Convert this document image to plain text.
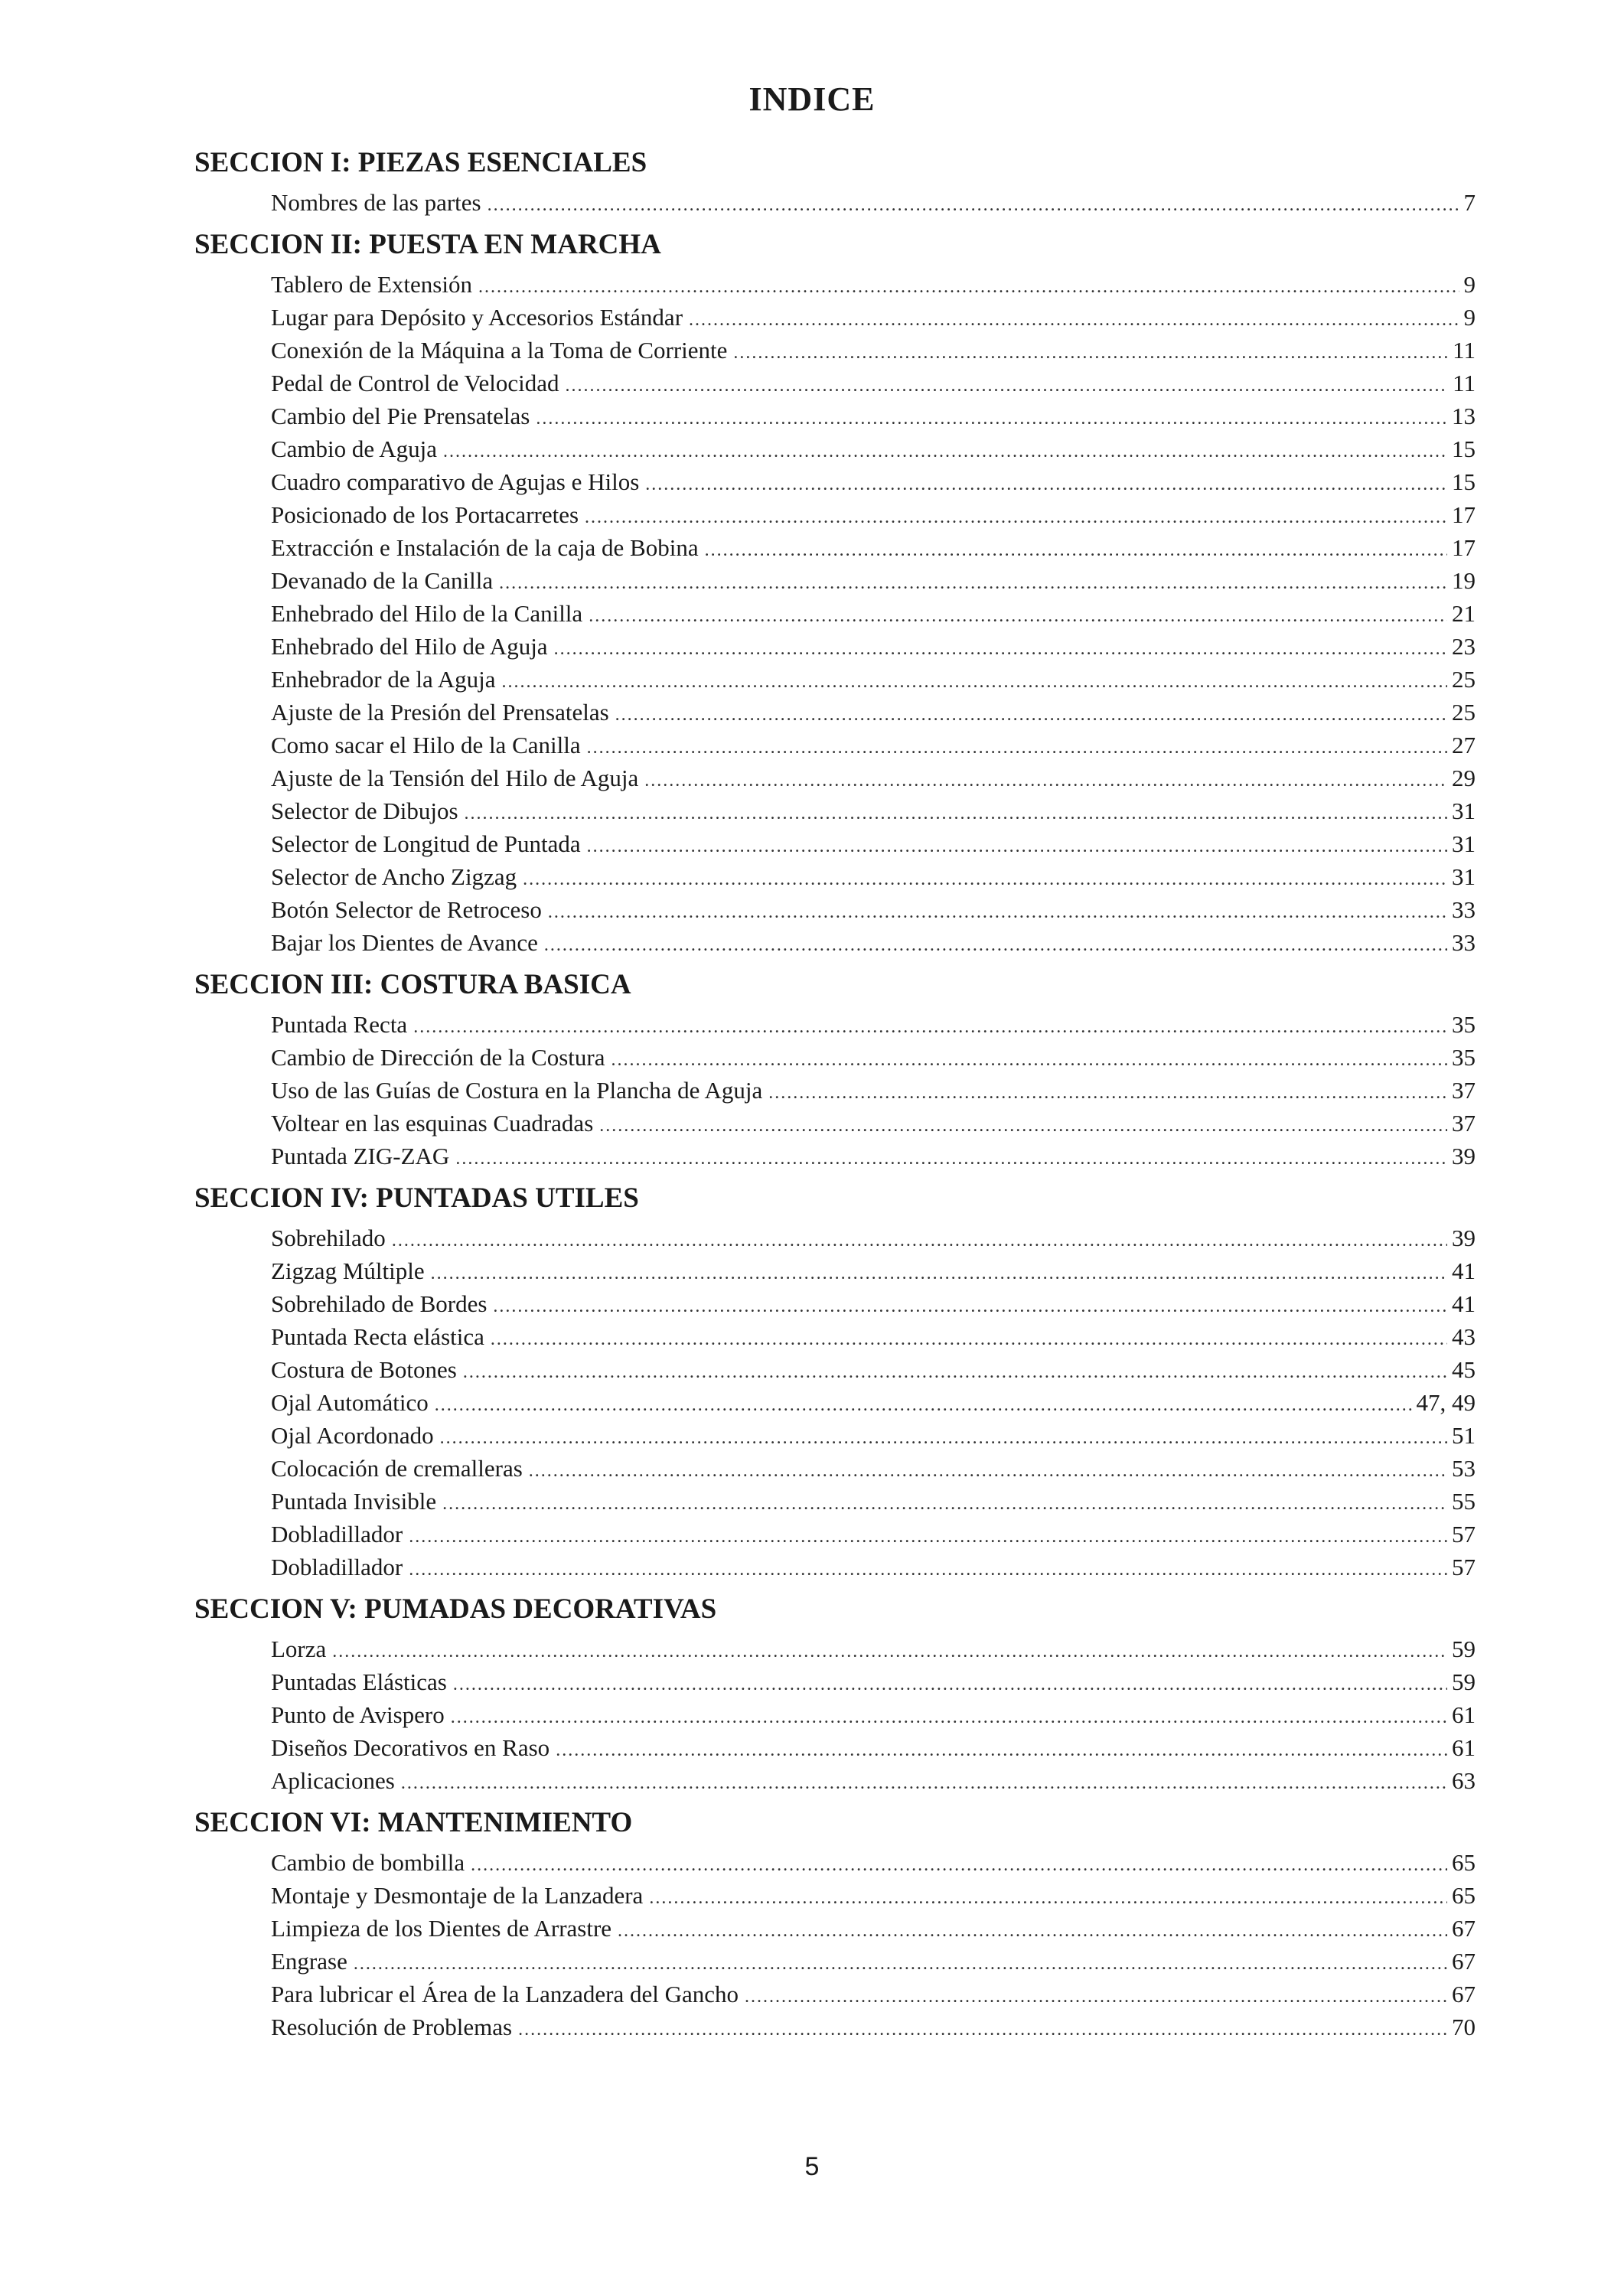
INDICE
SECCION I: PIEZAS ESENCIALES
Nombres de las partes .....	7
SECCION II: PUESTA EN MARCHA
Tablero de Extensión .....	9
Lugar para Depósito y Accesorios Estándar .....	9
Conexión de la Máquina a la Toma de Corriente .....	11
Pedal de Control de Velocidad .....	11
Cambio del Pie Prensatelas .....	13
Cambio de Aguja .....	15
Cuadro comparativo de Agujas e Hilos .....	15
Posicionado de los Portacarretes .....	17
Extracción e Instalación de la caja de Bobina .....	17
Devanado de la Canilla .....	19
Enhebrado del Hilo de la Canilla .....	21
Enhebrado del Hilo de Aguja .....	23
Enhebrador de la Aguja .....	25
Ajuste de la Presión del Prensatelas .....	25
Como sacar el Hilo de la Canilla .....	27
Ajuste de la Tensión del Hilo de Aguja .....	29
Selector de Dibujos .....	31
Selector de Longitud de Puntada .....	31
Selector de Ancho Zigzag .....	31
Botón Selector de Retroceso .....	33
Bajar los Dientes de Avance .....	33
SECCION III: COSTURA BASICA
Puntada Recta .....	35
Cambio de Dirección de la Costura .....	35
Uso de las Guías de Costura en la Plancha de Aguja .....	37
Voltear en las esquinas Cuadradas .....	37
Puntada ZIG-ZAG .....	39
SECCION IV: PUNTADAS UTILES
Sobrehilado .....	39
Zigzag Múltiple .....	41
Sobrehilado de Bordes .....	41
Puntada Recta elástica .....	43
Costura de Botones .....	45
Ojal Automático .....	47, 49
Ojal Acordonado .....	51
Colocación de cremalleras .....	53
Puntada Invisible .....	55
Dobladillador .....	57
Dobladillador .....	57
SECCION V: PUMADAS DECORATIVAS
Lorza .....	59
Puntadas Elásticas .....	59
Punto de Avispero .....	61
Diseños Decorativos en Raso .....	61
Aplicaciones .....	63
SECCION VI: MANTENIMIENTO
Cambio de bombilla .....	65
Montaje y Desmontaje de la Lanzadera .....	65
Limpieza de los Dientes de Arrastre .....	67
Engrase .....	67
Para lubricar el Área de la Lanzadera del Gancho .....	67
Resolución de Problemas .....	70
5
